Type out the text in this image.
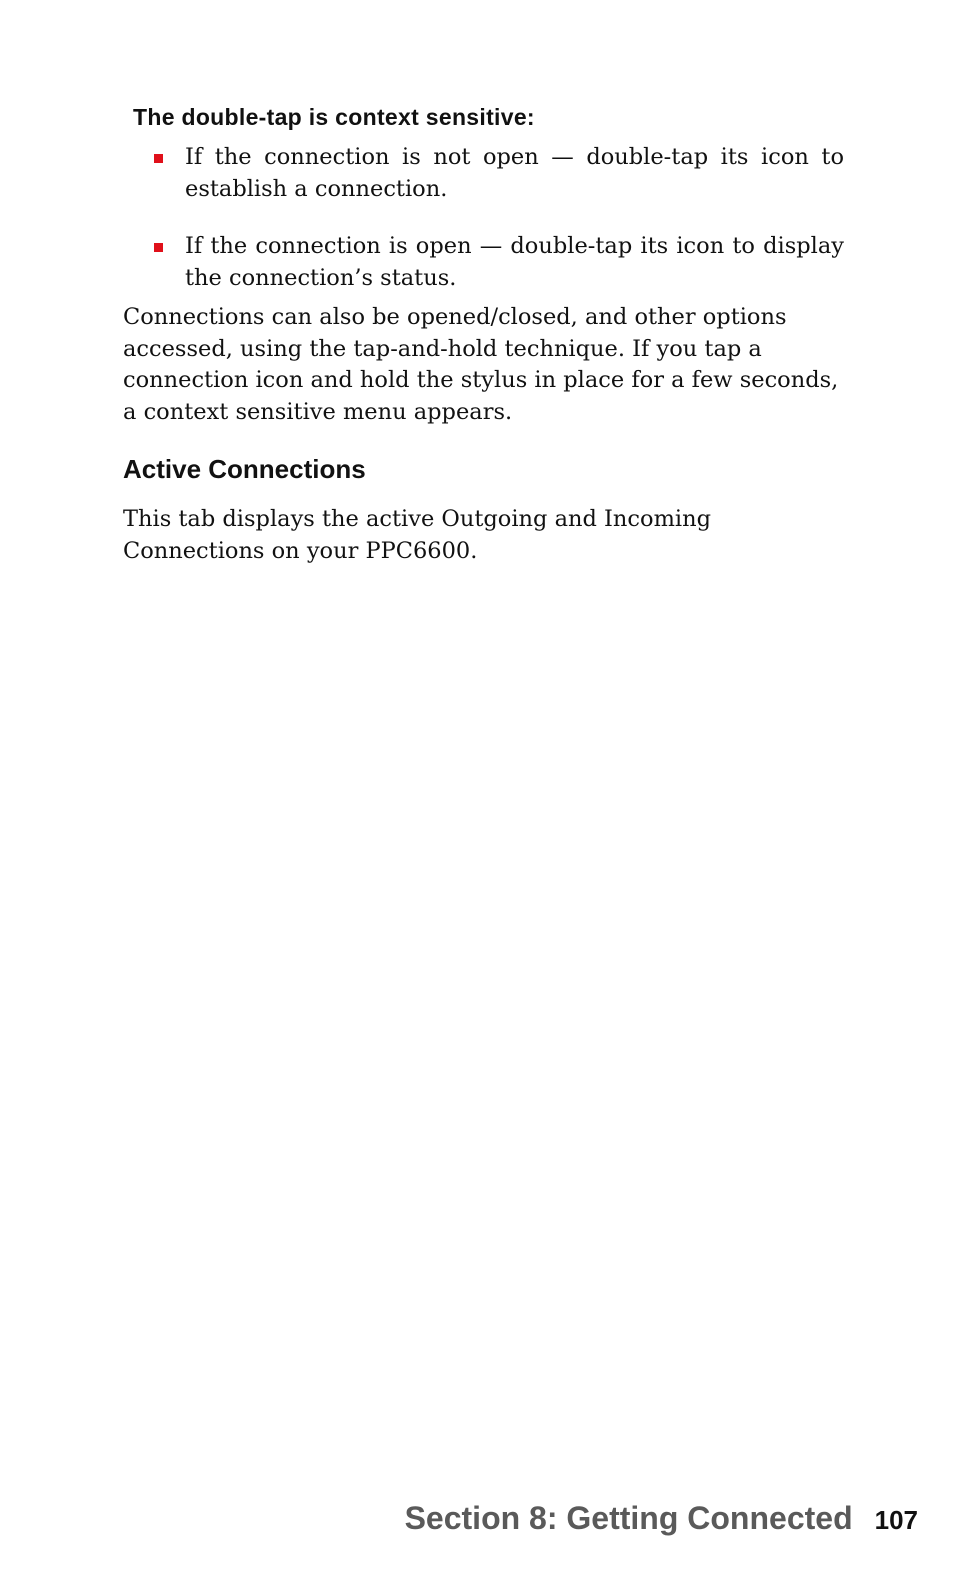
The double-tap is context sensitive:
If the connection is not open — double-tap its icon to establish a connection.
If the connection is open — double-tap its icon to display the connection’s status.

Connections can also be opened/closed, and other options accessed, using the tap-and-hold technique. If you tap a connection icon and hold the stylus in place for a few seconds, a context sensitive menu appears.

Active Connections

This tab displays the active Outgoing and Incoming Connections on your PPC6600.

Section 8: Getting Connected 107
